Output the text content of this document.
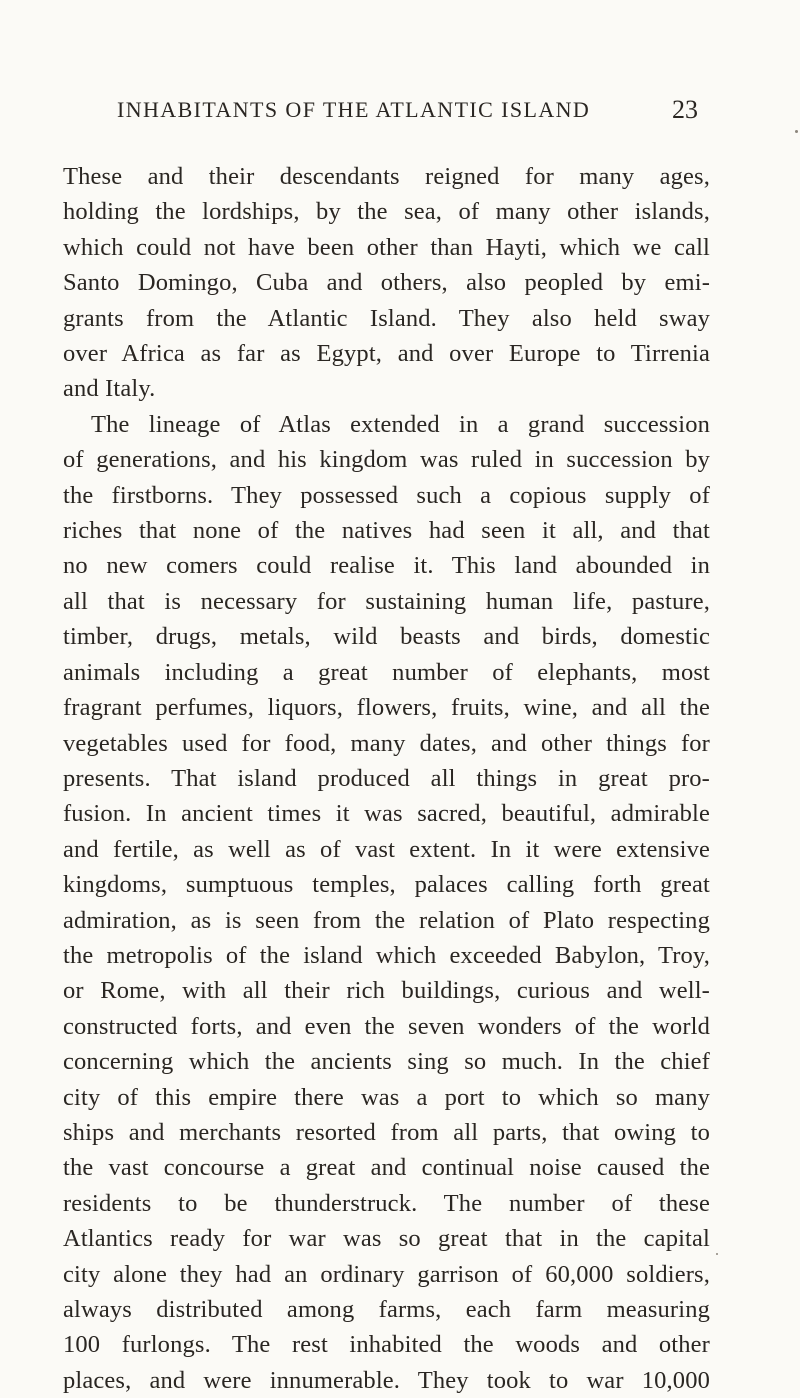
INHABITANTS OF THE ATLANTIC ISLAND	23
These and their descendants reigned for many ages,
holding the lordships, by the sea, of many other islands,
which could not have been other than Hayti, which we call
Santo Domingo, Cuba and others, also peopled by emi-
grants from the Atlantic Island. They also held sway
over Africa as far as Egypt, and over Europe to Tirrenia
and Italy.
The lineage of Atlas extended in a grand succession
of generations, and his kingdom was ruled in succession by
the firstborns. They possessed such a copious supply of
riches that none of the natives had seen it all, and that
no new comers could realise it. This land abounded in
all that is necessary for sustaining human life, pasture,
timber, drugs, metals, wild beasts and birds, domestic
animals including a great number of elephants, most
fragrant perfumes, liquors, flowers, fruits, wine, and all the
vegetables used for food, many dates, and other things for
presents. That island produced all things in great pro-
fusion. In ancient times it was sacred, beautiful, admirable
and fertile, as well as of vast extent. In it were extensive
kingdoms, sumptuous temples, palaces calling forth great
admiration, as is seen from the relation of Plato respecting
the metropolis of the island which exceeded Babylon, Troy,
or Rome, with all their rich buildings, curious and well-
constructed forts, and even the seven wonders of the world
concerning which the ancients sing so much. In the chief
city of this empire there was a port to which so many
ships and merchants resorted from all parts, that owing to
the vast concourse a great and continual noise caused the
residents to be thunderstruck. The number of these
Atlantics ready for war was so great that in the capital
city alone they had an ordinary garrison of 60,000 soldiers,
always distributed among farms, each farm measuring
100 furlongs. The rest inhabited the woods and other
places, and were innumerable. They took to war 10,000
